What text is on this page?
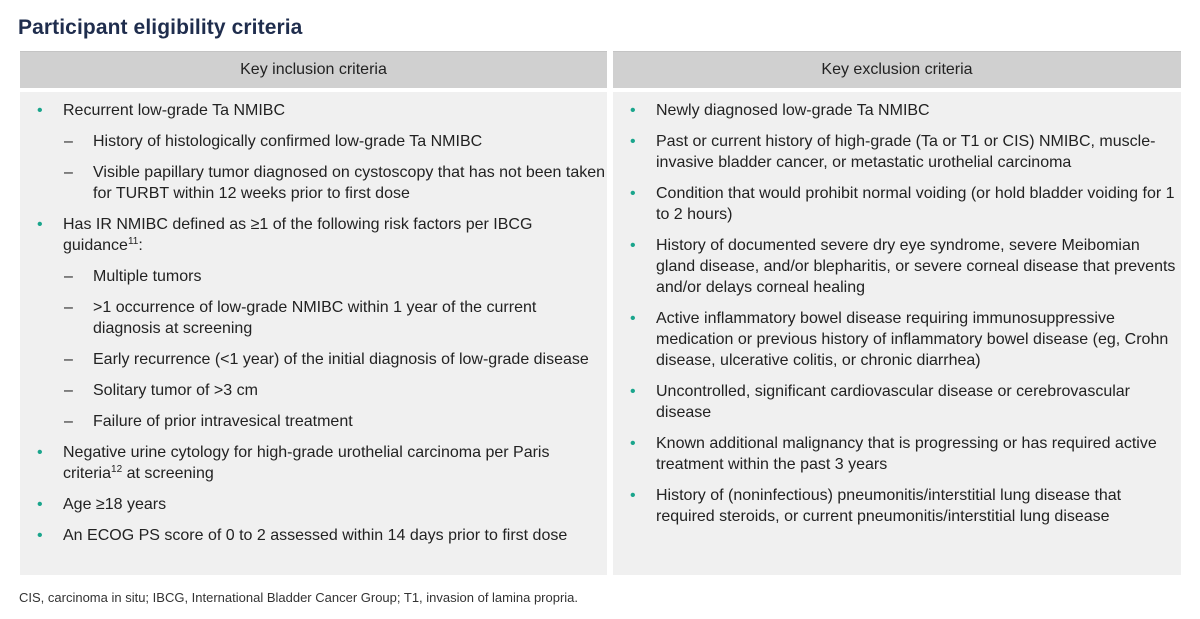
Participant eligibility criteria
Key inclusion criteria
• Recurrent low-grade Ta NMIBC
– History of histologically confirmed low-grade Ta NMIBC
– Visible papillary tumor diagnosed on cystoscopy that has not been taken for TURBT within 12 weeks prior to first dose
• Has IR NMIBC defined as ≥1 of the following risk factors per IBCG guidance$^{11}$:
– Multiple tumors
– >1 occurrence of low-grade NMIBC within 1 year of the current diagnosis at screening
– Early recurrence (<1 year) of the initial diagnosis of low-grade disease
– Solitary tumor of >3 cm
– Failure of prior intravesical treatment
• Negative urine cytology for high-grade urothelial carcinoma per Paris criteria$^{12}$ at screening
• Age ≥18 years
• An ECOG PS score of 0 to 2 assessed within 14 days prior to first dose
Key exclusion criteria
• Newly diagnosed low-grade Ta NMIBC
• Past or current history of high-grade (Ta or T1 or CIS) NMIBC, muscle-invasive bladder cancer, or metastatic urothelial carcinoma
• Condition that would prohibit normal voiding (or hold bladder voiding for 1 to 2 hours)
• History of documented severe dry eye syndrome, severe Meibomian gland disease, and/or blepharitis, or severe corneal disease that prevents and/or delays corneal healing
• Active inflammatory bowel disease requiring immunosuppressive medication or previous history of inflammatory bowel disease (eg, Crohn disease, ulcerative colitis, or chronic diarrhea)
• Uncontrolled, significant cardiovascular disease or cerebrovascular disease
• Known additional malignancy that is progressing or has required active treatment within the past 3 years
• History of (noninfectious) pneumonitis/interstitial lung disease that required steroids, or current pneumonitis/interstitial lung disease
CIS, carcinoma in situ; IBCG, International Bladder Cancer Group; T1, invasion of lamina propria.
